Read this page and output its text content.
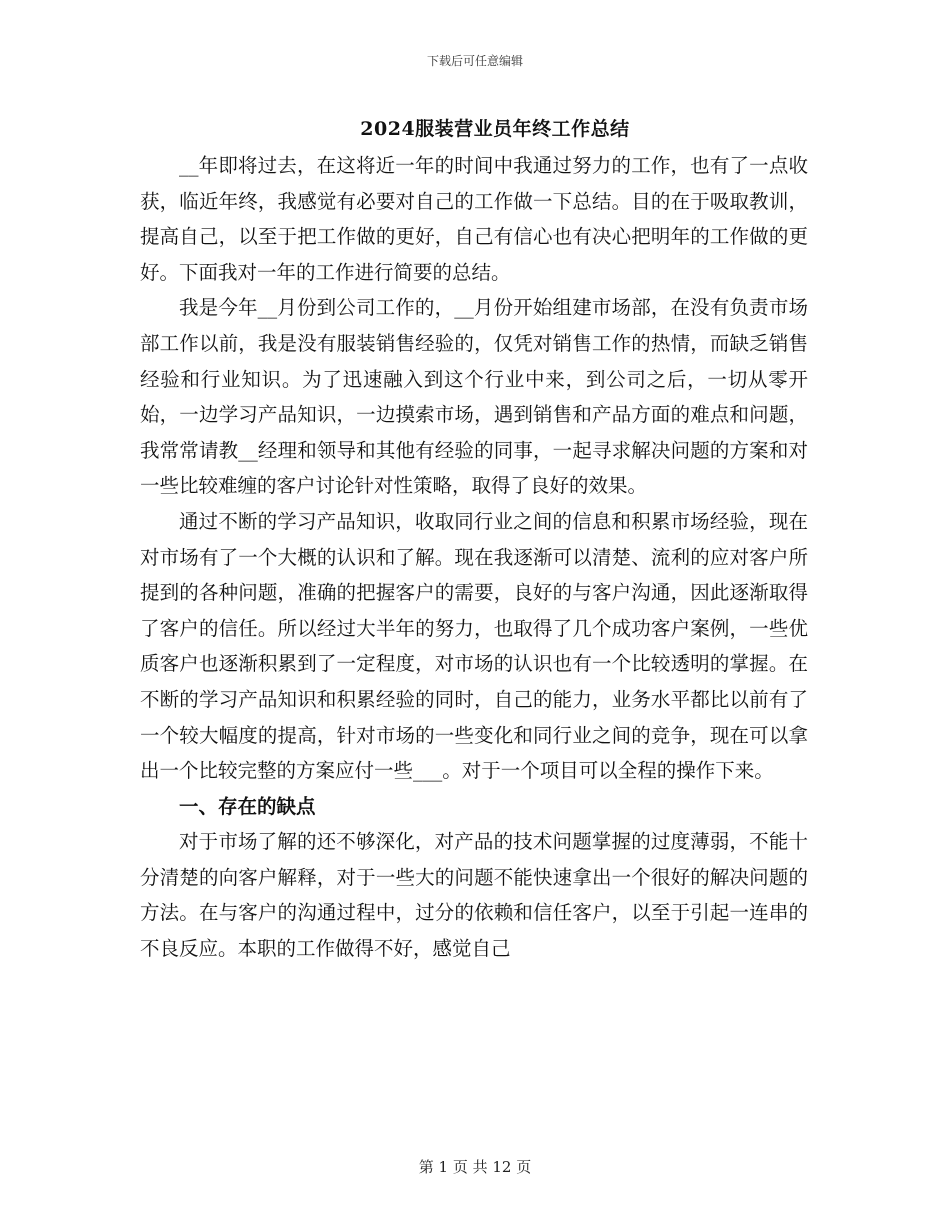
下载后可任意编辑
2024服装营业员年终工作总结

__年即将过去，在这将近一年的时间中我通过努力的工作，也有了一点收获，临近年终，我感觉有必要对自己的工作做一下总结。目的在于吸取教训，提高自己，以至于把工作做的更好，自己有信心也有决心把明年的工作做的更好。下面我对一年的工作进行简要的总结。

我是今年__月份到公司工作的，__月份开始组建市场部，在没有负责市场部工作以前，我是没有服装销售经验的，仅凭对销售工作的热情，而缺乏销售经验和行业知识。为了迅速融入到这个行业中来，到公司之后，一切从零开始，一边学习产品知识，一边摸索市场，遇到销售和产品方面的难点和问题，我常常请教__经理和领导和其他有经验的同事，一起寻求解决问题的方案和对一些比较难缠的客户讨论针对性策略，取得了良好的效果。

通过不断的学习产品知识，收取同行业之间的信息和积累市场经验，现在对市场有了一个大概的认识和了解。现在我逐渐可以清楚、流利的应对客户所提到的各种问题，准确的把握客户的需要，良好的与客户沟通，因此逐渐取得了客户的信任。所以经过大半年的努力，也取得了几个成功客户案例，一些优质客户也逐渐积累到了一定程度，对市场的认识也有一个比较透明的掌握。在不断的学习产品知识和积累经验的同时，自己的能力，业务水平都比以前有了一个较大幅度的提高，针对市场的一些变化和同行业之间的竞争，现在可以拿出一个比较完整的方案应付一些___。对于一个项目可以全程的操作下来。

一、存在的缺点

对于市场了解的还不够深化，对产品的技术问题掌握的过度薄弱，不能十分清楚的向客户解释，对于一些大的问题不能快速拿出一个很好的解决问题的方法。在与客户的沟通过程中，过分的依赖和信任客户，以至于引起一连串的不良反应。本职的工作做得不好，感觉自己

第 1 页 共 12 页
